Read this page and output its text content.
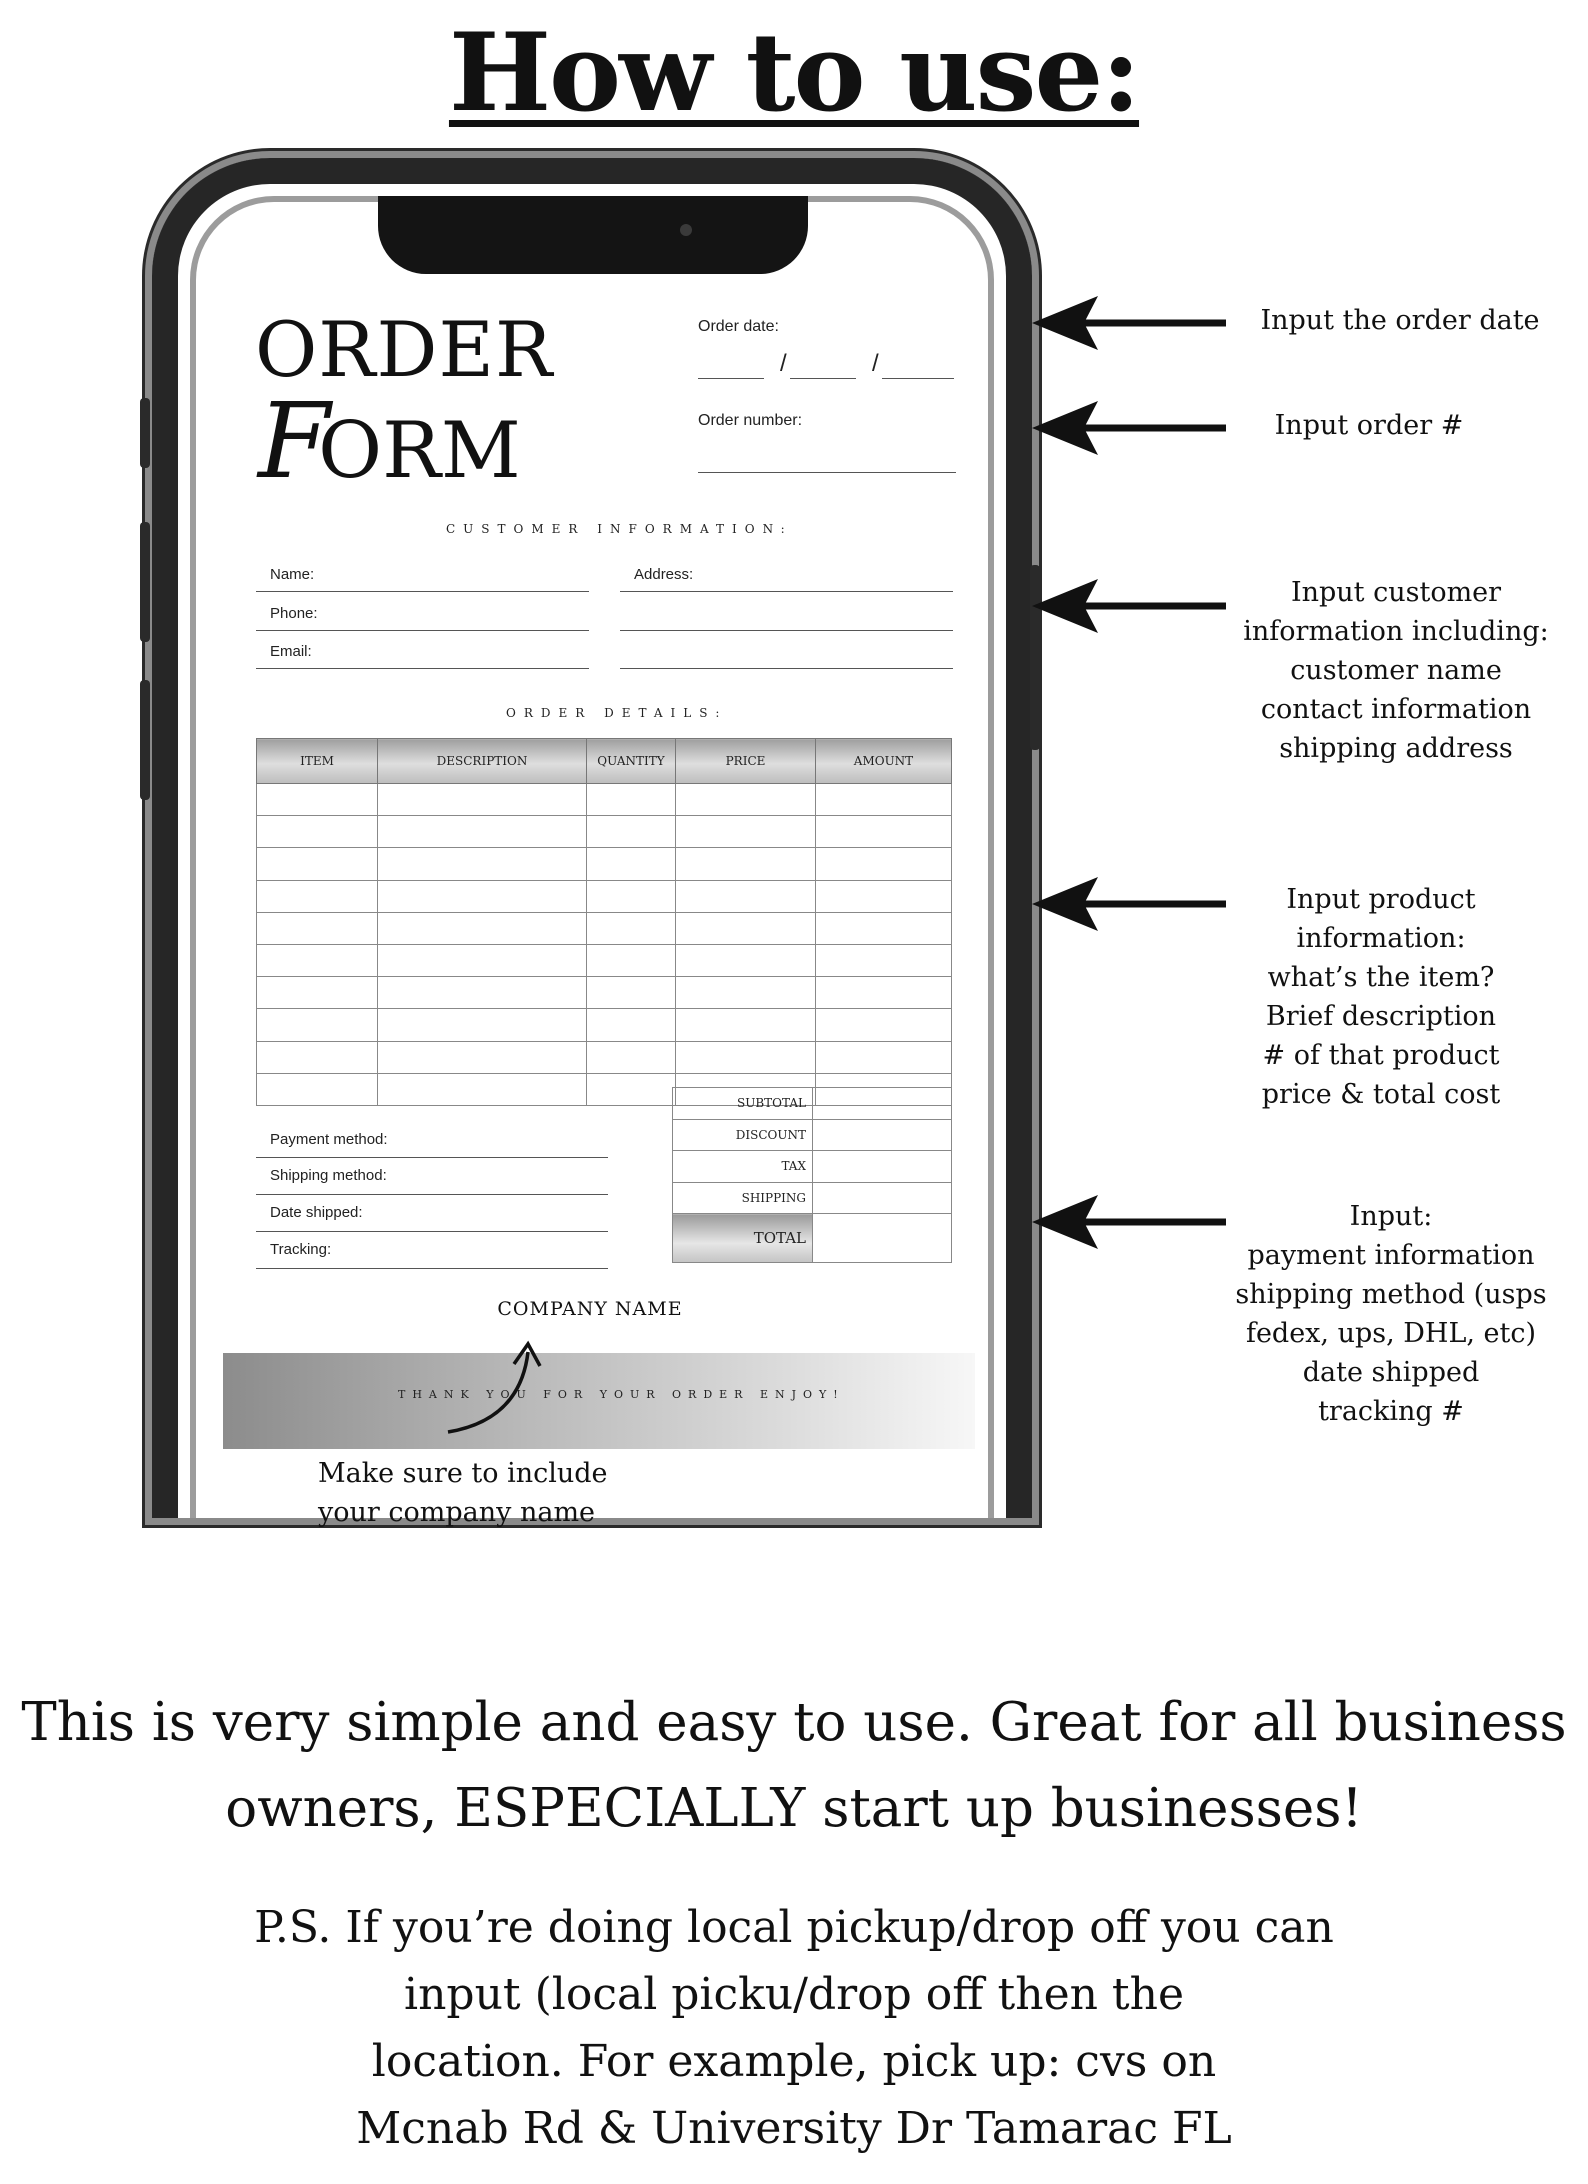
How to use:
ORDER
FORM
Order date:
/	/
Order number:
CUSTOMER INFORMATION:
Name:	Address:
Phone:
Email:
ORDER DETAILS:
ITEM	DESCRIPTION	QUANTITY	PRICE	AMOUNT

Payment method:
Shipping method:
Date shipped:
Tracking:
SUBTOTAL	
DISCOUNT	
TAX	
SHIPPING	
TOTAL	
COMPANY NAME
THANK YOU FOR YOUR ORDER ENJOY!
Input the order date
Input order #
Input customer
information including:
customer name
contact information
shipping address
Input product
information:
what’s the item?
Brief description
# of that product
price & total cost
Input:
payment information
shipping method (usps
fedex, ups, DHL, etc)
date shipped
tracking #
Make sure to include
your company name
This is very simple and easy to use. Great for all business
owners, ESPECIALLY start up businesses!
P.S. If you’re doing local pickup/drop off you can
input (local picku/drop off then the
location. For example, pick up: cvs on
Mcnab Rd & University Dr Tamarac FL
